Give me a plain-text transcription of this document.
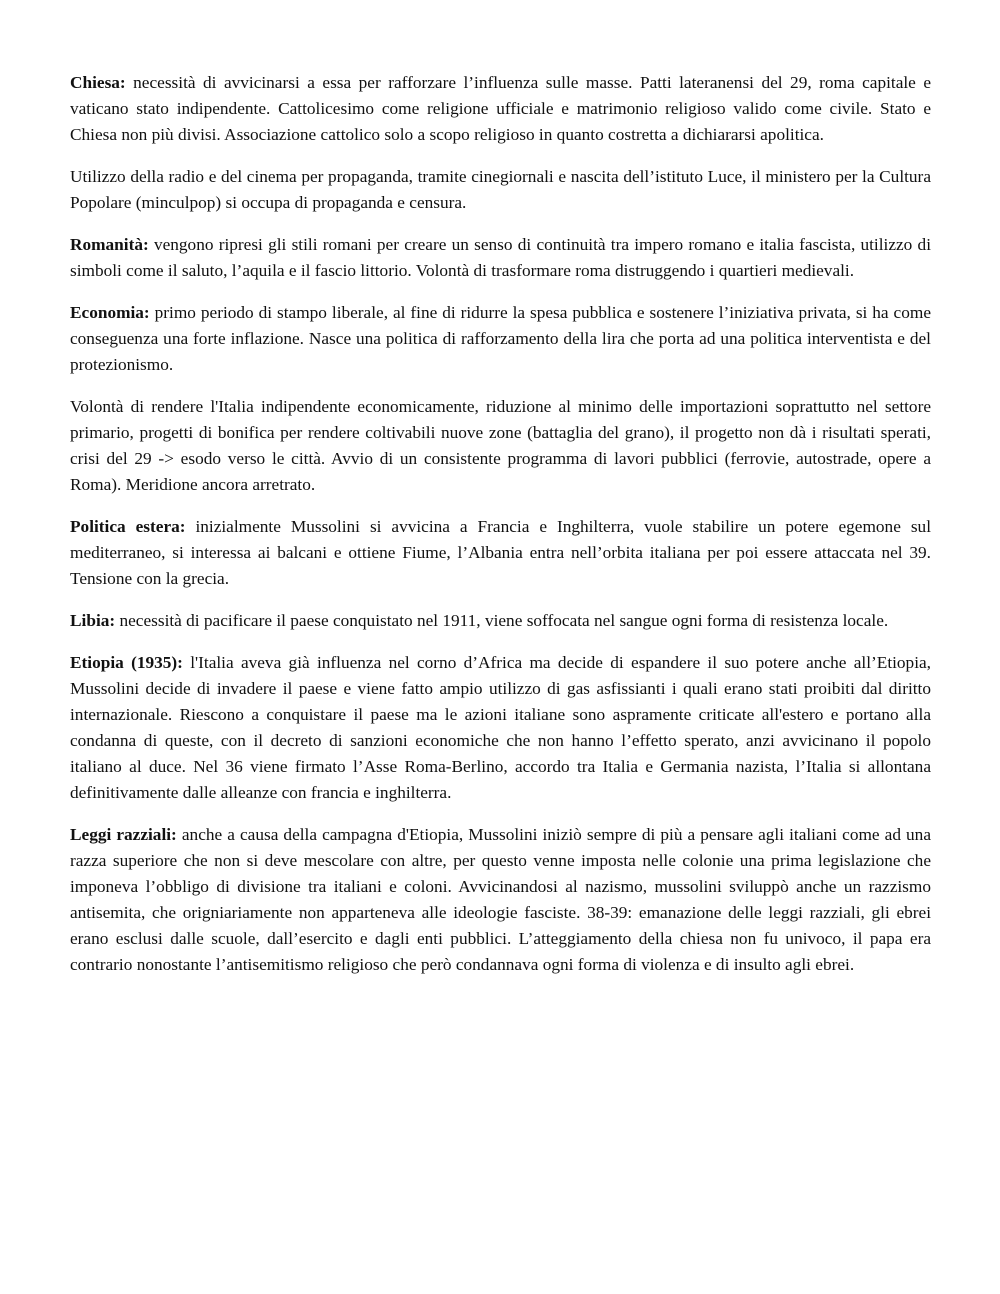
Chiesa: necessità di avvicinarsi a essa per rafforzare l’influenza sulle masse. Patti lateranensi del 29, roma capitale e vaticano stato indipendente. Cattolicesimo come religione ufficiale e matrimonio religioso valido come civile. Stato e Chiesa non più divisi. Associazione cattolico solo a scopo religioso in quanto costretta a dichiararsi apolitica.

Utilizzo della radio e del cinema per propaganda, tramite cinegiornali e nascita dell’istituto Luce, il ministero per la Cultura Popolare (minculpop) si occupa di propaganda e censura.

Romanità: vengono ripresi gli stili romani per creare un senso di continuità tra impero romano e italia fascista, utilizzo di simboli come il saluto, l’aquila e il fascio littorio. Volontà di trasformare roma distruggendo i quartieri medievali.

Economia: primo periodo di stampo liberale, al fine di ridurre la spesa pubblica e sostenere l’iniziativa privata, si ha come conseguenza una forte inflazione. Nasce una politica di rafforzamento della lira che porta ad una politica interventista e del protezionismo.

Volontà di rendere l'Italia indipendente economicamente, riduzione al minimo delle importazioni soprattutto nel settore primario, progetti di bonifica per rendere coltivabili nuove zone (battaglia del grano), il progetto non dà i risultati sperati, crisi del 29 -> esodo verso le città. Avvio di un consistente programma di lavori pubblici (ferrovie, autostrade, opere a Roma). Meridione ancora arretrato.

Politica estera: inizialmente Mussolini si avvicina a Francia e Inghilterra, vuole stabilire un potere egemone sul mediterraneo, si interessa ai balcani e ottiene Fiume, l’Albania entra nell’orbita italiana per poi essere attaccata nel 39. Tensione con la grecia.

Libia: necessità di pacificare il paese conquistato nel 1911, viene soffocata nel sangue ogni forma di resistenza locale.

Etiopia (1935): l'Italia aveva già influenza nel corno d’Africa ma decide di espandere il suo potere anche all’Etiopia, Mussolini decide di invadere il paese e viene fatto ampio utilizzo di gas asfissianti i quali erano stati proibiti dal diritto internazionale. Riescono a conquistare il paese ma le azioni italiane sono aspramente criticate all'estero e portano alla condanna di queste, con il decreto di sanzioni economiche che non hanno l’effetto sperato, anzi avvicinano il popolo italiano al duce. Nel 36 viene firmato l’Asse Roma-Berlino, accordo tra Italia e Germania nazista, l’Italia si allontana definitivamente dalle alleanze con francia e inghilterra.

Leggi razziali: anche a causa della campagna d'Etiopia, Mussolini iniziò sempre di più a pensare agli italiani come ad una razza superiore che non si deve mescolare con altre, per questo venne imposta nelle colonie una prima legislazione che imponeva l’obbligo di divisione tra italiani e coloni. Avvicinandosi al nazismo, mussolini sviluppò anche un razzismo antisemita, che origniariamente non apparteneva alle ideologie fasciste. 38-39: emanazione delle leggi razziali, gli ebrei erano esclusi dalle scuole, dall’esercito e dagli enti pubblici. L’atteggiamento della chiesa non fu univoco, il papa era contrario nonostante l’antisemitismo religioso che però condannava ogni forma di violenza e di insulto agli ebrei.
